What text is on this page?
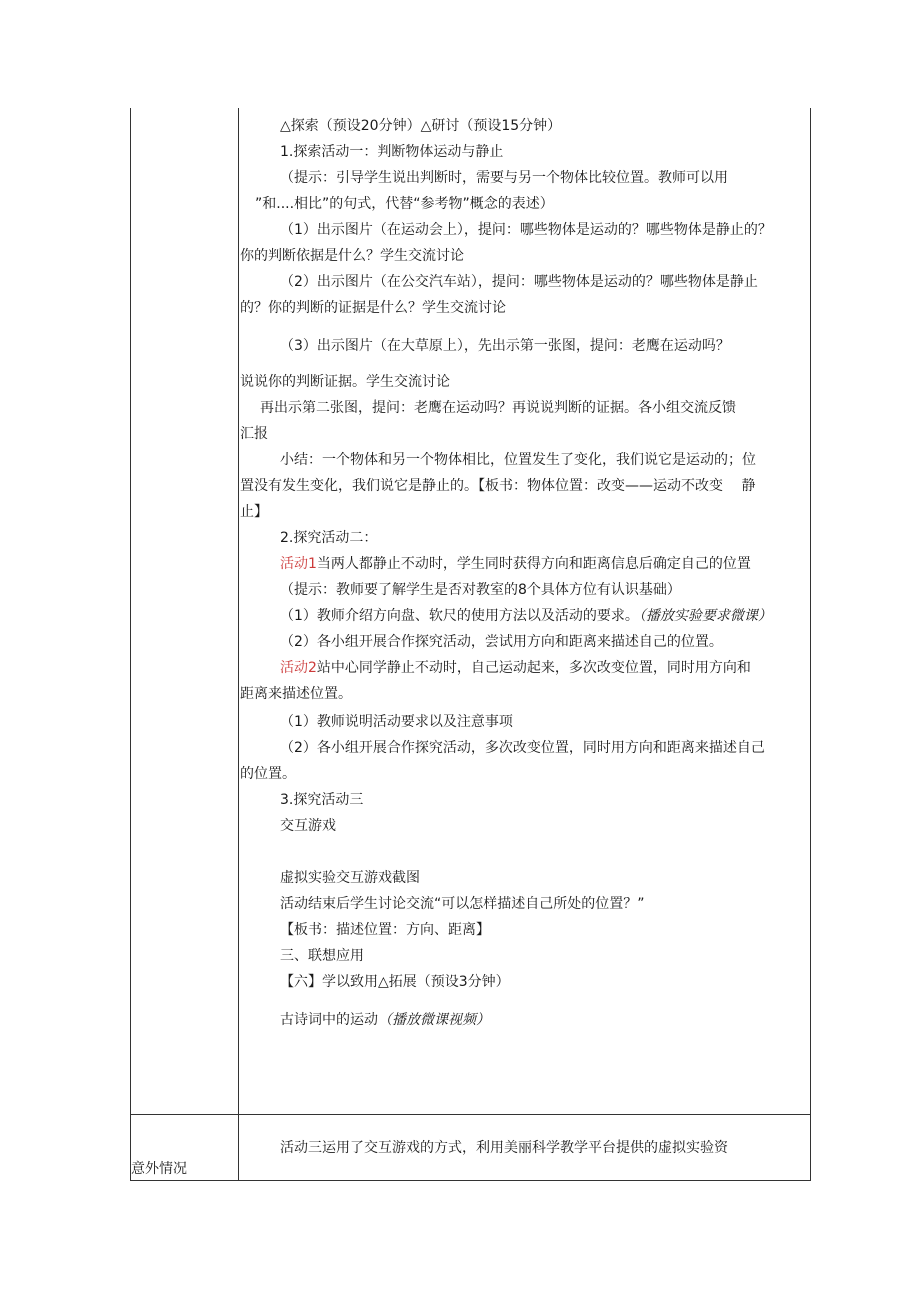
△探索（预设20分钟）△研讨（预设15分钟）
1.探索活动一：判断物体运动与静止
（提示：引导学生说出判断时，需要与另一个物体比较位置。教师可以用
”和....相比”的句式，代替“参考物”概念的表述）
（1）出示图片（在运动会上），提问：哪些物体是运动的？哪些物体是静止的？
你的判断依据是什么？学生交流讨论
（2）出示图片（在公交汽车站），提问：哪些物体是运动的？哪些物体是静止
的？你的判断的证据是什么？学生交流讨论
（3）出示图片（在大草原上），先出示第一张图，提问：老鹰在运动吗？
说说你的判断证据。学生交流讨论
再出示第二张图，提问：老鹰在运动吗？再说说判断的证据。各小组交流反馈
汇报
小结：一个物体和另一个物体相比，位置发生了变化，我们说它是运动的；位
置没有发生变化，我们说它是静止的。【板书：物体位置：改变——运动不改变　 静
止】
2.探究活动二：
活动1当两人都静止不动时，学生同时获得方向和距离信息后确定自己的位置
（提示：教师要了解学生是否对教室的8个具体方位有认识基础）
（1）教师介绍方向盘、软尺的使用方法以及活动的要求。（播放实验要求微课）
（2）各小组开展合作探究活动，尝试用方向和距离来描述自己的位置。
活动2站中心同学静止不动时，自己运动起来，多次改变位置，同时用方向和
距离来描述位置。
（1）教师说明活动要求以及注意事项
（2）各小组开展合作探究活动，多次改变位置，同时用方向和距离来描述自己
的位置。
3.探究活动三
交互游戏
虚拟实验交互游戏截图
活动结束后学生讨论交流“可以怎样描述自己所处的位置？”
【板书：描述位置：方向、距离】
三、联想应用
【六】学以致用△拓展（预设3分钟）
古诗词中的运动（播放微课视频）
意外情况
活动三运用了交互游戏的方式，利用美丽科学教学平台提供的虚拟实验资
